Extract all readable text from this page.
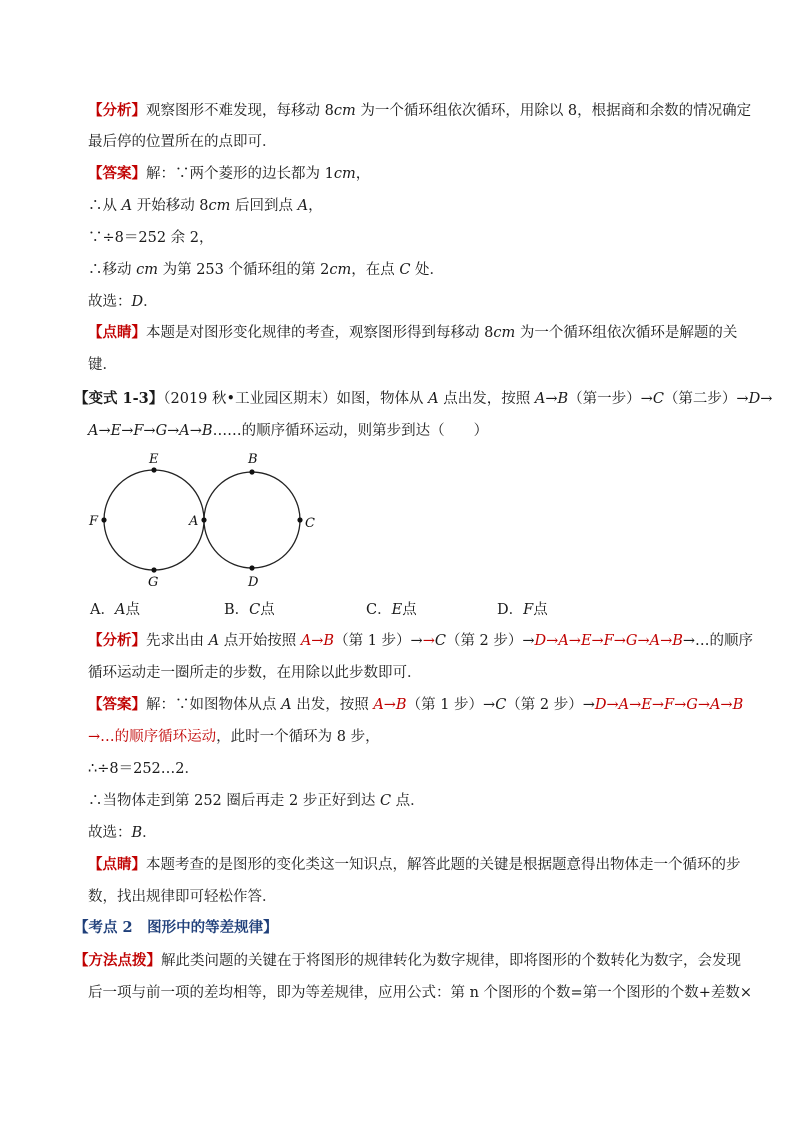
【分析】观察图形不难发现，每移动 8cm 为一个循环组依次循环，用除以 8，根据商和余数的情况确定
最后停的位置所在的点即可．
【答案】解：∵两个菱形的边长都为 1cm，
∴从 A 开始移动 8cm 后回到点 A，
∵÷8＝252 余 2，
∴移动 cm 为第 253 个循环组的第 2cm，在点 C 处．
故选：D．
【点睛】本题是对图形变化规律的考查，观察图形得到每移动 8cm 为一个循环组依次循环是解题的关
键．
【变式 1-3】（2019 秋•工业园区期末）如图，物体从 A 点出发，按照 A→B（第一步）→C（第二步）→D→
A→E→F→G→A→B……的顺序循环运动，则第步到达（　　）
E	B
F	A	C
G	D
A．A点	B．C点	C．E点	D．F点
【分析】先求出由 A 点开始按照 A→B（第 1 步）→→C（第 2 步）→D→A→E→F→G→A→B→…的顺序
循环运动走一圈所走的步数，在用除以此步数即可．
【答案】解：∵如图物体从点 A 出发，按照 A→B（第 1 步）→C（第 2 步）→D→A→E→F→G→A→B
→…的顺序循环运动，此时一个循环为 8 步，
∴÷8＝252…2．
∴当物体走到第 252 圈后再走 2 步正好到达 C 点．
故选：B．
【点睛】本题考查的是图形的变化类这一知识点，解答此题的关键是根据题意得出物体走一个循环的步
数，找出规律即可轻松作答．
【考点 2　图形中的等差规律】
【方法点拨】解此类问题的关键在于将图形的规律转化为数字规律，即将图形的个数转化为数字，会发现
后一项与前一项的差均相等，即为等差规律，应用公式：第 n 个图形的个数=第一个图形的个数+差数×
